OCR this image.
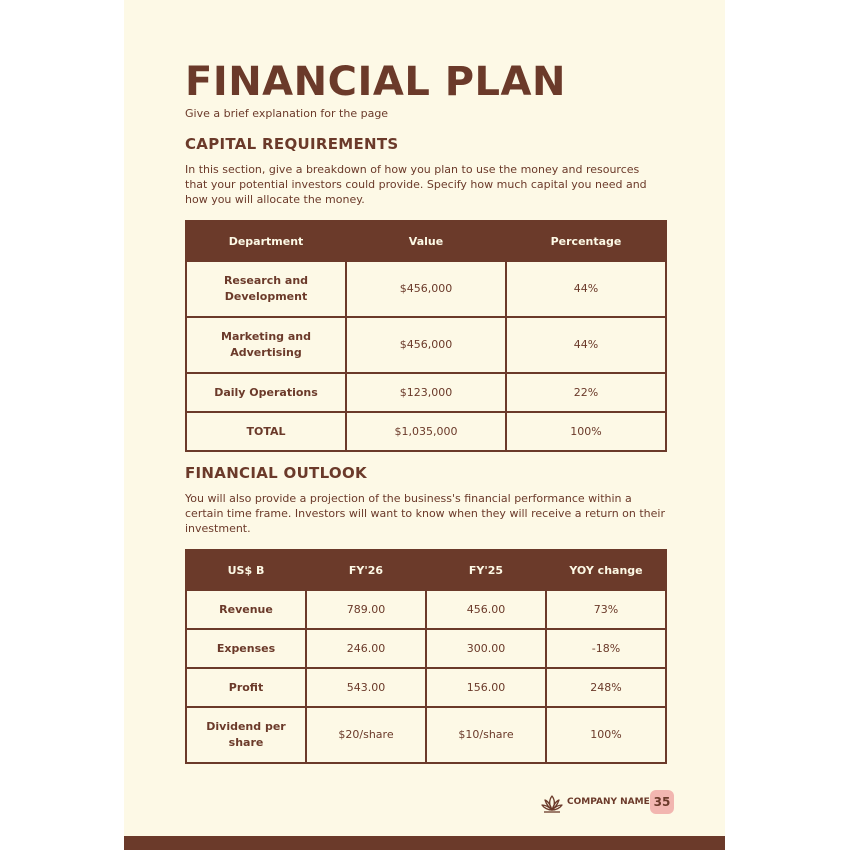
FINANCIAL PLAN
Give a brief explanation for the page
CAPITAL REQUIREMENTS
In this section, give a breakdown of how you plan to use the money and resources that your potential investors could provide. Specify how much capital you need and how you will allocate the money.
Department	Value	Percentage
Research and Development	$456,000	44%
Marketing and Advertising	$456,000	44%
Daily Operations	$123,000	22%
TOTAL	$1,035,000	100%
FINANCIAL OUTLOOK
You will also provide a projection of the business's financial performance within a certain time frame. Investors will want to know when they will receive a return on their investment.
US$ B	FY'26	FY'25	YOY change
Revenue	789.00	456.00	73%
Expenses	246.00	300.00	-18%
Profit	543.00	156.00	248%
Dividend per share	$20/share	$10/share	100%
COMPANY NAME 35
